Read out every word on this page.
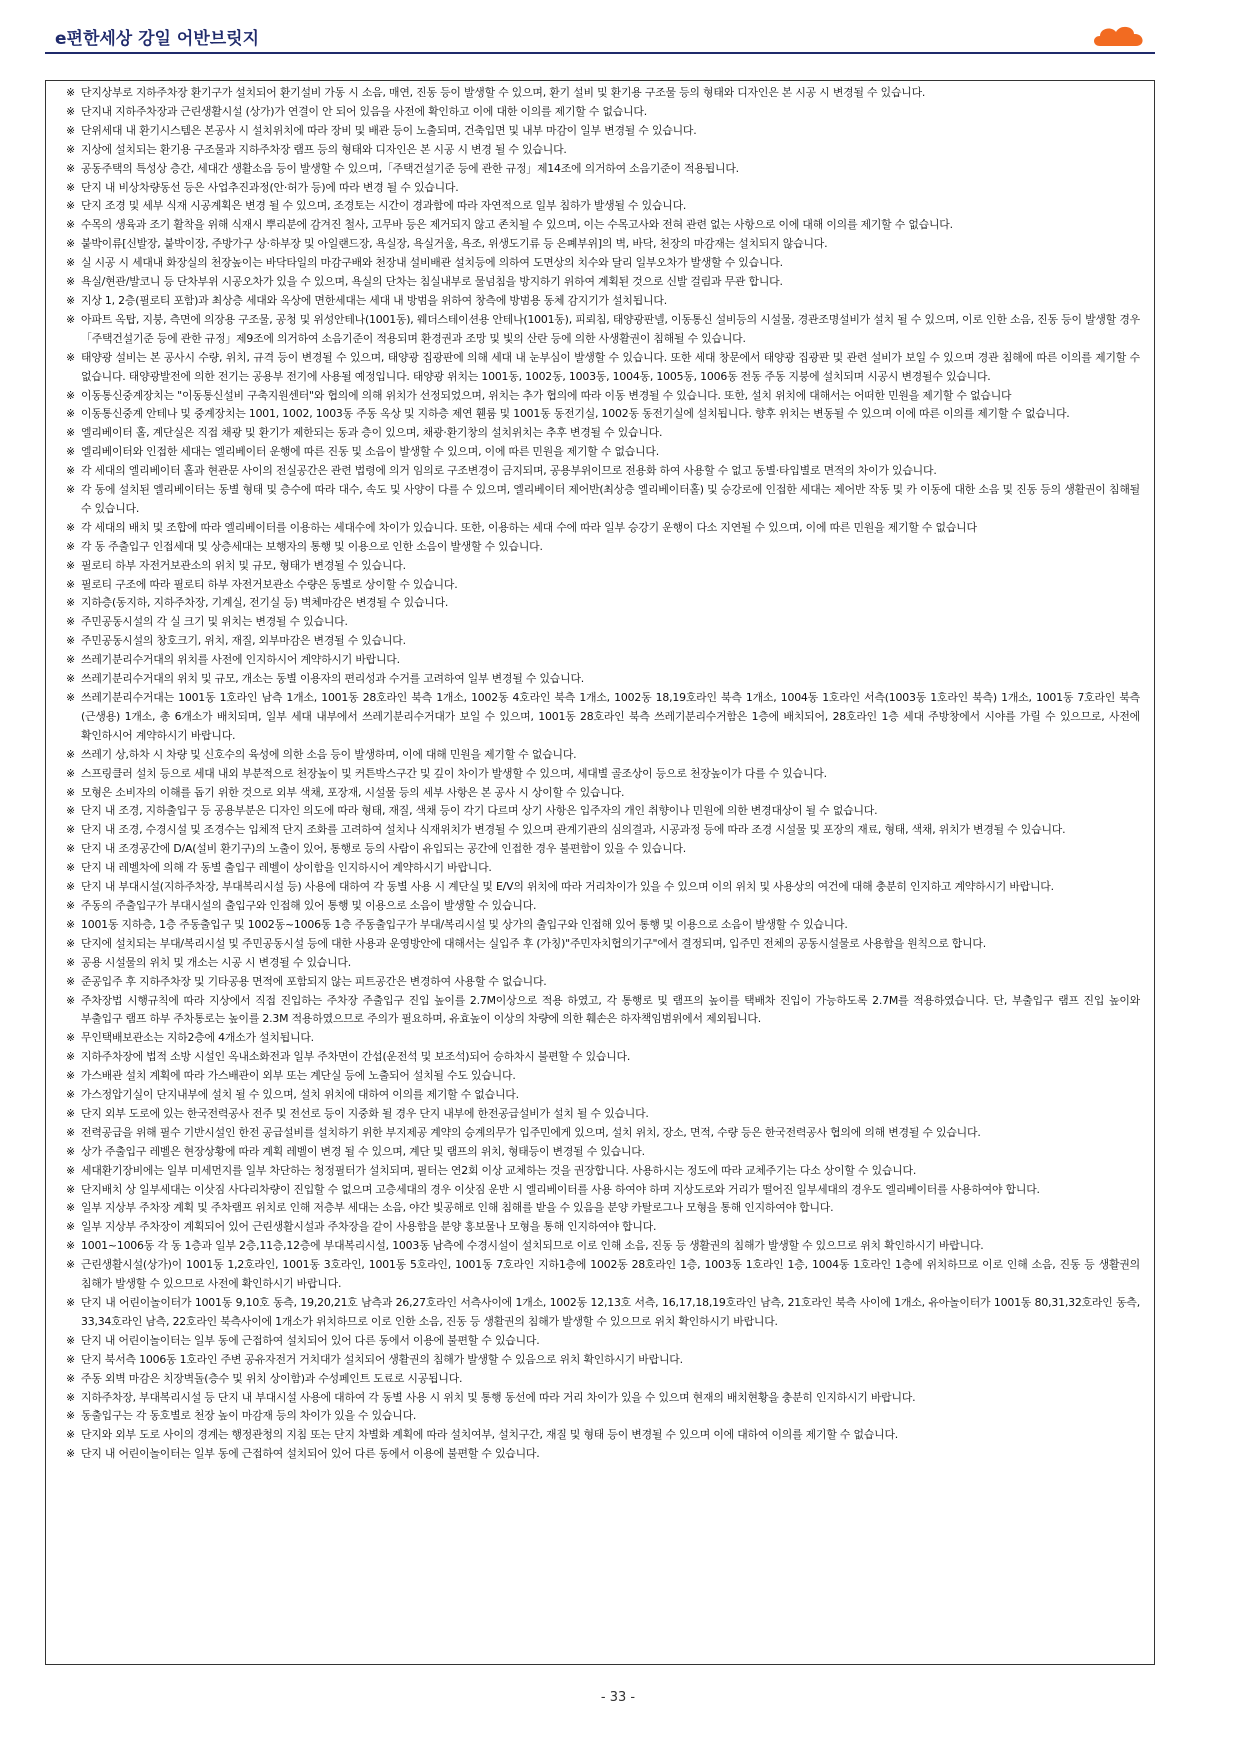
e편한세상 강일 어반브릿지
※ 단지상부로 지하주차장 환기구가 설치되어 환기설비 가동 시 소음, 매연, 진동 등이 발생할 수 있으며, 환기 설비 및 환기용 구조물 등의 형태와 디자인은 본 시공 시 변경될 수 있습니다.
※ 단지내 지하주차장과 근린생활시설 (상가)가 연결이 안 되어 있음을 사전에 확인하고 이에 대한 이의를 제기할 수 없습니다.
※ 단위세대 내 환기시스템은 본공사 시 설치위치에 따라 장비 및 배관 등이 노출되며, 건축입면 및 내부 마감이 일부 변경될 수 있습니다.
※ 지상에 설치되는 환기용 구조물과 지하주차장 램프 등의 형태와 디자인은 본 시공 시 변경 될 수 있습니다.
※ 공동주택의 특성상 층간, 세대간 생활소음 등이 발생할 수 있으며,「주택건설기준 등에 관한 규정」제14조에 의거하여 소음기준이 적용됩니다.
※ 단지 내 비상차량동선 등은 사업추진과정(안·허가 등)에 따라 변경 될 수 있습니다.
※ 단지 조경 및 세부 식재 시공계획은 변경 될 수 있으며, 조경토는 시간이 경과함에 따라 자연적으로 일부 침하가 발생될 수 있습니다.
※ 수목의 생육과 조기 활착을 위해 식재시 뿌리분에 감겨진 철사, 고무바 등은 제거되지 않고 존치될 수 있으며, 이는 수목고사와 전혀 관련 없는 사항으로 이에 대해 이의를 제기할 수 없습니다.
※ 붙박이류[신발장, 붙박이장, 주방가구 상·하부장 및 아일랜드장, 욕실장, 욕실거울, 욕조, 위생도기류 등 은폐부위]의 벽, 바닥, 천장의 마감재는 설치되지 않습니다.
※ 실 시공 시 세대내 화장실의 천장높이는 바닥타일의 마감구배와 천장내 설비배관 설치등에 의하여 도면상의 치수와 달리 일부오차가 발생할 수 있습니다.
※ 욕실/현관/발코니 등 단차부위 시공오차가 있을 수 있으며, 욕실의 단차는 침실내부로 물넘침을 방지하기 위하여 계획된 것으로 신발 걸림과 무관 합니다.
※ 지상 1, 2층(필로티 포함)과 최상층 세대와 옥상에 면한세대는 세대 내 방범을 위하여 창측에 방범용 동체 감지기가 설치됩니다.
※ 아파트 옥탑, 지붕, 측면에 의장용 구조물, 공청 및 위성안테나(1001동), 웨더스테이션용 안테나(1001동), 피뢰침, 태양광판넬, 이동통신 설비등의 시설물, 경관조명설비가 설치 될 수 있으며, 이로 인한 소음, 진동 등이 발생할 경우「주택건설기준 등에 관한 규정」제9조에 의거하여 소음기준이 적용되며 환경권과 조망 및 빛의 산란 등에 의한 사생활권이 침해될 수 있습니다.
※ 태양광 설비는 본 공사시 수량, 위치, 규격 등이 변경될 수 있으며, 태양광 집광판에 의해 세대 내 눈부심이 발생할 수 있습니다. 또한 세대 창문에서 태양광 집광판 및 관련 설비가 보일 수 있으며 경관 침해에 따른 이의를 제기할 수 없습니다. 태양광발전에 의한 전기는 공용부 전기에 사용될 예정입니다. 태양광 위치는 1001동, 1002동, 1003동, 1004동, 1005동, 1006동 전동 주동 지붕에 설치되며 시공시 변경될수 있습니다.
※ 이동통신중계장치는 "이동통신설비 구축지원센터"와 협의에 의해 위치가 선정되었으며, 위치는 추가 협의에 따라 이동 변경될 수 있습니다. 또한, 설치 위치에 대해서는 어떠한 민원을 제기할 수 없습니다
※ 이동통신중계 안테나 및 중계장치는 1001, 1002, 1003동 주동 옥상 및 지하층 제연 휀룸 및 1001동 동전기실, 1002동 동전기실에 설치됩니다. 향후 위치는 변동될 수 있으며 이에 따른 이의를 제기할 수 없습니다.
※ 엘리베이터 홀, 계단실은 직접 채광 및 환기가 제한되는 동과 층이 있으며, 채광·환기창의 설치위치는 추후 변경될 수 있습니다.
※ 엘리베이터와 인접한 세대는 엘리베이터 운행에 따른 진동 및 소음이 발생할 수 있으며, 이에 따른 민원을 제기할 수 없습니다.
※ 각 세대의 엘리베이터 홀과 현관문 사이의 전실공간은 관련 법령에 의거 임의로 구조변경이 금지되며, 공용부위이므로 전용화 하여 사용할 수 없고 동별·타입별로 면적의 차이가 있습니다.
※ 각 동에 설치된 엘리베이터는 동별 형태 및 층수에 따라 대수, 속도 및 사양이 다를 수 있으며, 엘리베이터 제어반(최상층 엘리베이터홀) 및 승강로에 인접한 세대는 제어반 작동 및 카 이동에 대한 소음 및 진동 등의 생활권이 침해될 수 있습니다.
※ 각 세대의 배치 및 조합에 따라 엘리베이터를 이용하는 세대수에 차이가 있습니다. 또한, 이용하는 세대 수에 따라 일부 승강기 운행이 다소 지연될 수 있으며, 이에 따른 민원을 제기할 수 없습니다
※ 각 동 주출입구 인접세대 및 상층세대는 보행자의 통행 및 이용으로 인한 소음이 발생할 수 있습니다.
※ 필로티 하부 자전거보관소의 위치 및 규모, 형태가 변경될 수 있습니다.
※ 필로티 구조에 따라 필로티 하부 자전거보관소 수량은 동별로 상이할 수 있습니다.
※ 지하층(동지하, 지하주차장, 기계실, 전기실 등) 벽체마감은 변경될 수 있습니다.
※ 주민공동시설의 각 실 크기 및 위치는 변경될 수 있습니다.
※ 주민공동시설의 창호크기, 위치, 재질, 외부마감은 변경될 수 있습니다.
※ 쓰레기분리수거대의 위치를 사전에 인지하시어 계약하시기 바랍니다.
※ 쓰레기분리수거대의 위치 및 규모, 개소는 동별 이용자의 편리성과 수거를 고려하여 일부 변경될 수 있습니다.
※ 쓰레기분리수거대는 1001동 1호라인 남측 1개소, 1001동 28호라인 북측 1개소, 1002동 4호라인 북측 1개소, 1002동 18,19호라인 북측 1개소, 1004동 1호라인 서측(1003동 1호라인 북측) 1개소, 1001동 7호라인 북측(근생용) 1개소, 총 6개소가 배치되며, 일부 세대 내부에서 쓰레기분리수거대가 보일 수 있으며, 1001동 28호라인 북측 쓰레기분리수거함은 1층에 배치되어, 28호라인 1층 세대 주방창에서 시야를 가릴 수 있으므로, 사전에 확인하시어 계약하시기 바랍니다.
※ 쓰레기 상,하차 시 차량 및 신호수의 육성에 의한 소음 등이 발생하며, 이에 대해 민원을 제기할 수 없습니다.
※ 스프링클러 설치 등으로 세대 내외 부분적으로 천장높이 및 커튼박스구간 및 깊이 차이가 발생할 수 있으며, 세대별 골조상이 등으로 천장높이가 다를 수 있습니다.
※ 모형은 소비자의 이해를 돕기 위한 것으로 외부 색채, 포장재, 시설물 등의 세부 사항은 본 공사 시 상이할 수 있습니다.
※ 단지 내 조경, 지하출입구 등 공용부분은 디자인 의도에 따라 형태, 재질, 색채 등이 각기 다르며 상기 사항은 입주자의 개인 취향이나 민원에 의한 변경대상이 될 수 없습니다.
※ 단지 내 조경, 수경시설 및 조경수는 입체적 단지 조화를 고려하여 설치나 식재위치가 변경될 수 있으며 관계기관의 심의결과, 시공과정 등에 따라 조경 시설물 및 포장의 재료, 형태, 색채, 위치가 변경될 수 있습니다.
※ 단지 내 조경공간에 D/A(설비 환기구)의 노출이 있어, 통행로 등의 사람이 유입되는 공간에 인접한 경우 불편함이 있을 수 있습니다.
※ 단지 내 레벨차에 의해 각 동별 출입구 레벨이 상이함을 인지하시어 계약하시기 바랍니다.
※ 단지 내 부대시설(지하주차장, 부대복리시설 등) 사용에 대하여 각 동별 사용 시 계단실 및 E/V의 위치에 따라 거리차이가 있을 수 있으며 이의 위치 및 사용상의 여건에 대해 충분히 인지하고 계약하시기 바랍니다.
※ 주동의 주출입구가 부대시설의 출입구와 인접해 있어 통행 및 이용으로 소음이 발생할 수 있습니다.
※ 1001동 지하층, 1층 주동출입구 및 1002동~1006동 1층 주동출입구가 부대/복리시설 및 상가의 출입구와 인접해 있어 통행 및 이용으로 소음이 발생할 수 있습니다.
※ 단지에 설치되는 부대/복리시설 및 주민공동시설 등에 대한 사용과 운영방안에 대해서는 실입주 후 (가칭)"주민자치협의기구"에서 결정되며, 입주민 전체의 공동시설물로 사용함을 원칙으로 합니다.
※ 공용 시설물의 위치 및 개소는 시공 시 변경될 수 있습니다.
※ 준공입주 후 지하주차장 및 기타공용 면적에 포함되지 않는 피트공간은 변경하여 사용할 수 없습니다.
※ 주차장법 시행규칙에 따라 지상에서 직접 진입하는 주차장 주출입구 진입 높이를 2.7M이상으로 적용 하였고, 각 통행로 및 램프의 높이를 택배차 진입이 가능하도록 2.7M를 적용하였습니다. 단, 부출입구 램프 진입 높이와 부출입구 램프 하부 주차통로는 높이를 2.3M 적용하였으므로 주의가 필요하며, 유효높이 이상의 차량에 의한 훼손은 하자책임범위에서 제외됩니다.
※ 무인택배보관소는 지하2층에 4개소가 설치됩니다.
※ 지하주차장에 법적 소방 시설인 옥내소화전과 일부 주차면이 간섭(운전석 및 보조석)되어 승하차시 불편할 수 있습니다.
※ 가스배관 설치 계획에 따라 가스배관이 외부 또는 계단실 등에 노출되어 설치될 수도 있습니다.
※ 가스정압기실이 단지내부에 설치 될 수 있으며, 설치 위치에 대하여 이의를 제기할 수 없습니다.
※ 단지 외부 도로에 있는 한국전력공사 전주 및 전선로 등이 지중화 될 경우 단지 내부에 한전공급설비가 설치 될 수 있습니다.
※ 전력공급을 위해 필수 기반시설인 한전 공급설비를 설치하기 위한 부지제공 계약의 승계의무가 입주민에게 있으며, 설치 위치, 장소, 면적, 수량 등은 한국전력공사 협의에 의해 변경될 수 있습니다.
※ 상가 주출입구 레벨은 현장상황에 따라 계획 레벨이 변경 될 수 있으며, 계단 및 램프의 위치, 형태등이 변경될 수 있습니다.
※ 세대환기장비에는 일부 미세먼지를 일부 차단하는 청정필터가 설치되며, 필터는 연2회 이상 교체하는 것을 권장합니다. 사용하시는 정도에 따라 교체주기는 다소 상이할 수 있습니다.
※ 단지배치 상 일부세대는 이삿짐 사다리차량이 진입할 수 없으며 고층세대의 경우 이삿짐 운반 시 엘리베이터를 사용 하여야 하며 지상도로와 거리가 떨어진 일부세대의 경우도 엘리베이터를 사용하여야 합니다.
※ 일부 지상부 주차장 계획 및 주차램프 위치로 인해 저층부 세대는 소음, 야간 빛공해로 인해 침해를 받을 수 있음을 분양 카탈로그나 모형을 통해 인지하여야 합니다.
※ 일부 지상부 주차장이 계획되어 있어 근린생활시설과 주차장을 같이 사용함을 분양 홍보물나 모형을 통해 인지하여야 합니다.
※ 1001~1006동 각 동 1층과 일부 2층,11층,12층에 부대복리시설, 1003동 남측에 수경시설이 설치되므로 이로 인해 소음, 진동 등 생활권의 침해가 발생할 수 있으므로 위치 확인하시기 바랍니다.
※ 근린생활시설(상가)이 1001동 1,2호라인, 1001동 3호라인, 1001동 5호라인, 1001동 7호라인 지하1층에 1002동 28호라인 1층, 1003동 1호라인 1층, 1004동 1호라인 1층에 위치하므로 이로 인해 소음, 진동 등 생활권의 침해가 발생할 수 있으므로 사전에 확인하시기 바랍니다.
※ 단지 내 어린이놀이터가 1001동 9,10호 동측, 19,20,21호 남측과 26,27호라인 서측사이에 1개소, 1002동 12,13호 서측, 16,17,18,19호라인 남측, 21호라인 북측 사이에 1개소, 유아놀이터가 1001동 80,31,32호라인 동측, 33,34호라인 남측, 22호라인 북측사이에 1개소가 위치하므로 이로 인한 소음, 진동 등 생활권의 침해가 발생할 수 있으므로 위치 확인하시기 바랍니다.
※ 단지 내 어린이놀이터는 일부 동에 근접하여 설치되어 있어 다른 동에서 이용에 불편할 수 있습니다.
※ 단지 북서측 1006동 1호라인 주변 공유자전거 거치대가 설치되어 생활권의 침해가 발생할 수 있음으로 위치 확인하시기 바랍니다.
※ 주동 외벽 마감은 치장벽돌(층수 및 위치 상이함)과 수성페인트 도료로 시공됩니다.
※ 지하주차장, 부대복리시설 등 단지 내 부대시설 사용에 대하여 각 동별 사용 시 위치 및 통행 동선에 따라 거리 차이가 있을 수 있으며 현재의 배치현황을 충분히 인지하시기 바랍니다.
※ 동출입구는 각 동호별로 천장 높이 마감재 등의 차이가 있을 수 있습니다.
※ 단지와 외부 도로 사이의 경계는 행정관청의 지침 또는 단지 차별화 계획에 따라 설치여부, 설치구간, 재질 및 형태 등이 변경될 수 있으며 이에 대하여 이의를 제기할 수 없습니다.
※ 단지 내 어린이놀이터는 일부 동에 근접하여 설치되어 있어 다른 동에서 이용에 불편할 수 있습니다.
- 33 -
